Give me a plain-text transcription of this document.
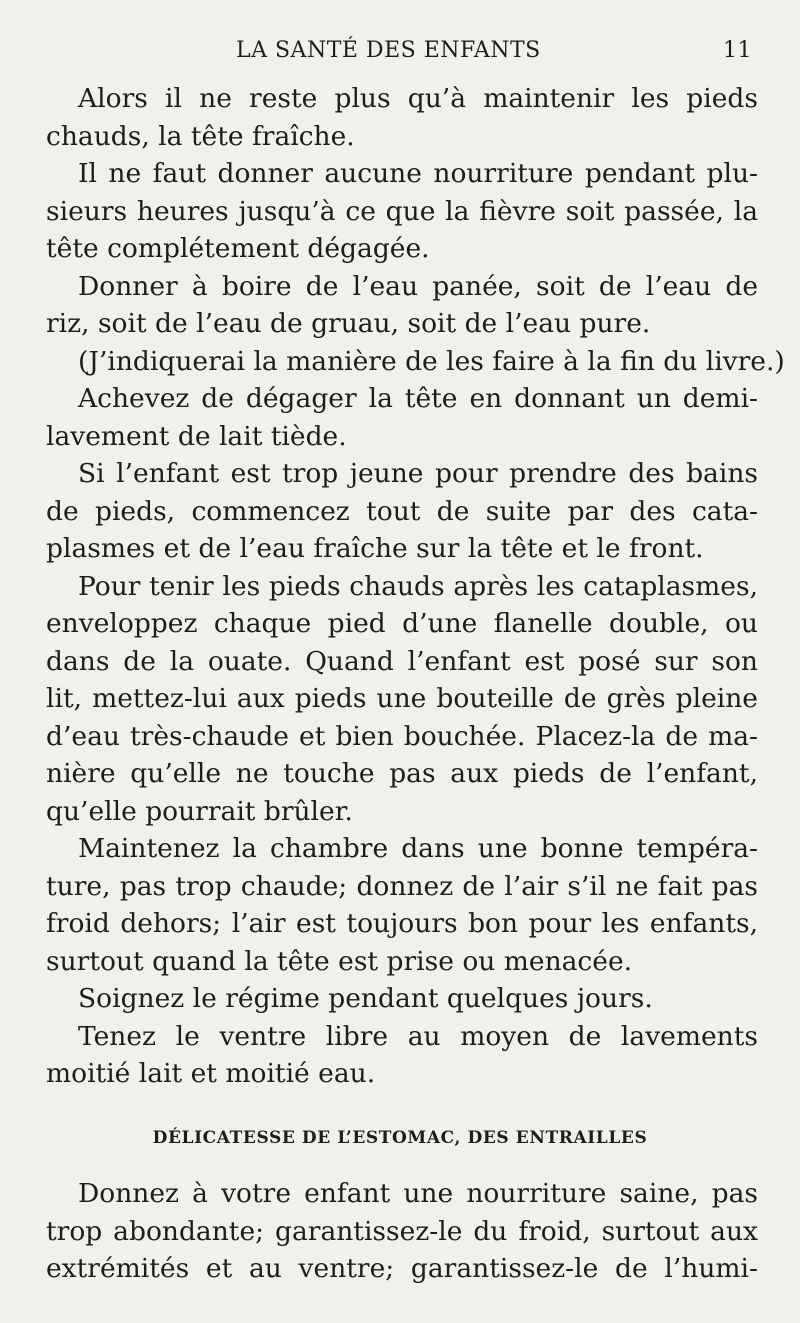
LA SANTÉ DES ENFANTS	11
Alors il ne reste plus qu’à maintenir les pieds
chauds, la tête fraîche.
Il ne faut donner aucune nourriture pendant plu-
sieurs heures jusqu’à ce que la fièvre soit passée, la
tête complétement dégagée.
Donner à boire de l’eau panée, soit de l’eau de
riz, soit de l’eau de gruau, soit de l’eau pure.
(J’indiquerai la manière de les faire à la fin du livre.)
Achevez de dégager la tête en donnant un demi-
lavement de lait tiède.
Si l’enfant est trop jeune pour prendre des bains
de pieds, commencez tout de suite par des cata-
plasmes et de l’eau fraîche sur la tête et le front.
Pour tenir les pieds chauds après les cataplasmes,
enveloppez chaque pied d’une flanelle double, ou
dans de la ouate. Quand l’enfant est posé sur son
lit, mettez-lui aux pieds une bouteille de grès pleine
d’eau très-chaude et bien bouchée. Placez-la de ma-
nière qu’elle ne touche pas aux pieds de l’enfant,
qu’elle pourrait brûler.
Maintenez la chambre dans une bonne tempéra-
ture, pas trop chaude; donnez de l’air s’il ne fait pas
froid dehors; l’air est toujours bon pour les enfants,
surtout quand la tête est prise ou menacée.
Soignez le régime pendant quelques jours.
Tenez le ventre libre au moyen de lavements
moitié lait et moitié eau.
DÉLICATESSE DE L’ESTOMAC, DES ENTRAILLES
Donnez à votre enfant une nourriture saine, pas
trop abondante; garantissez-le du froid, surtout aux
extrémités et au ventre; garantissez-le de l’humi-
